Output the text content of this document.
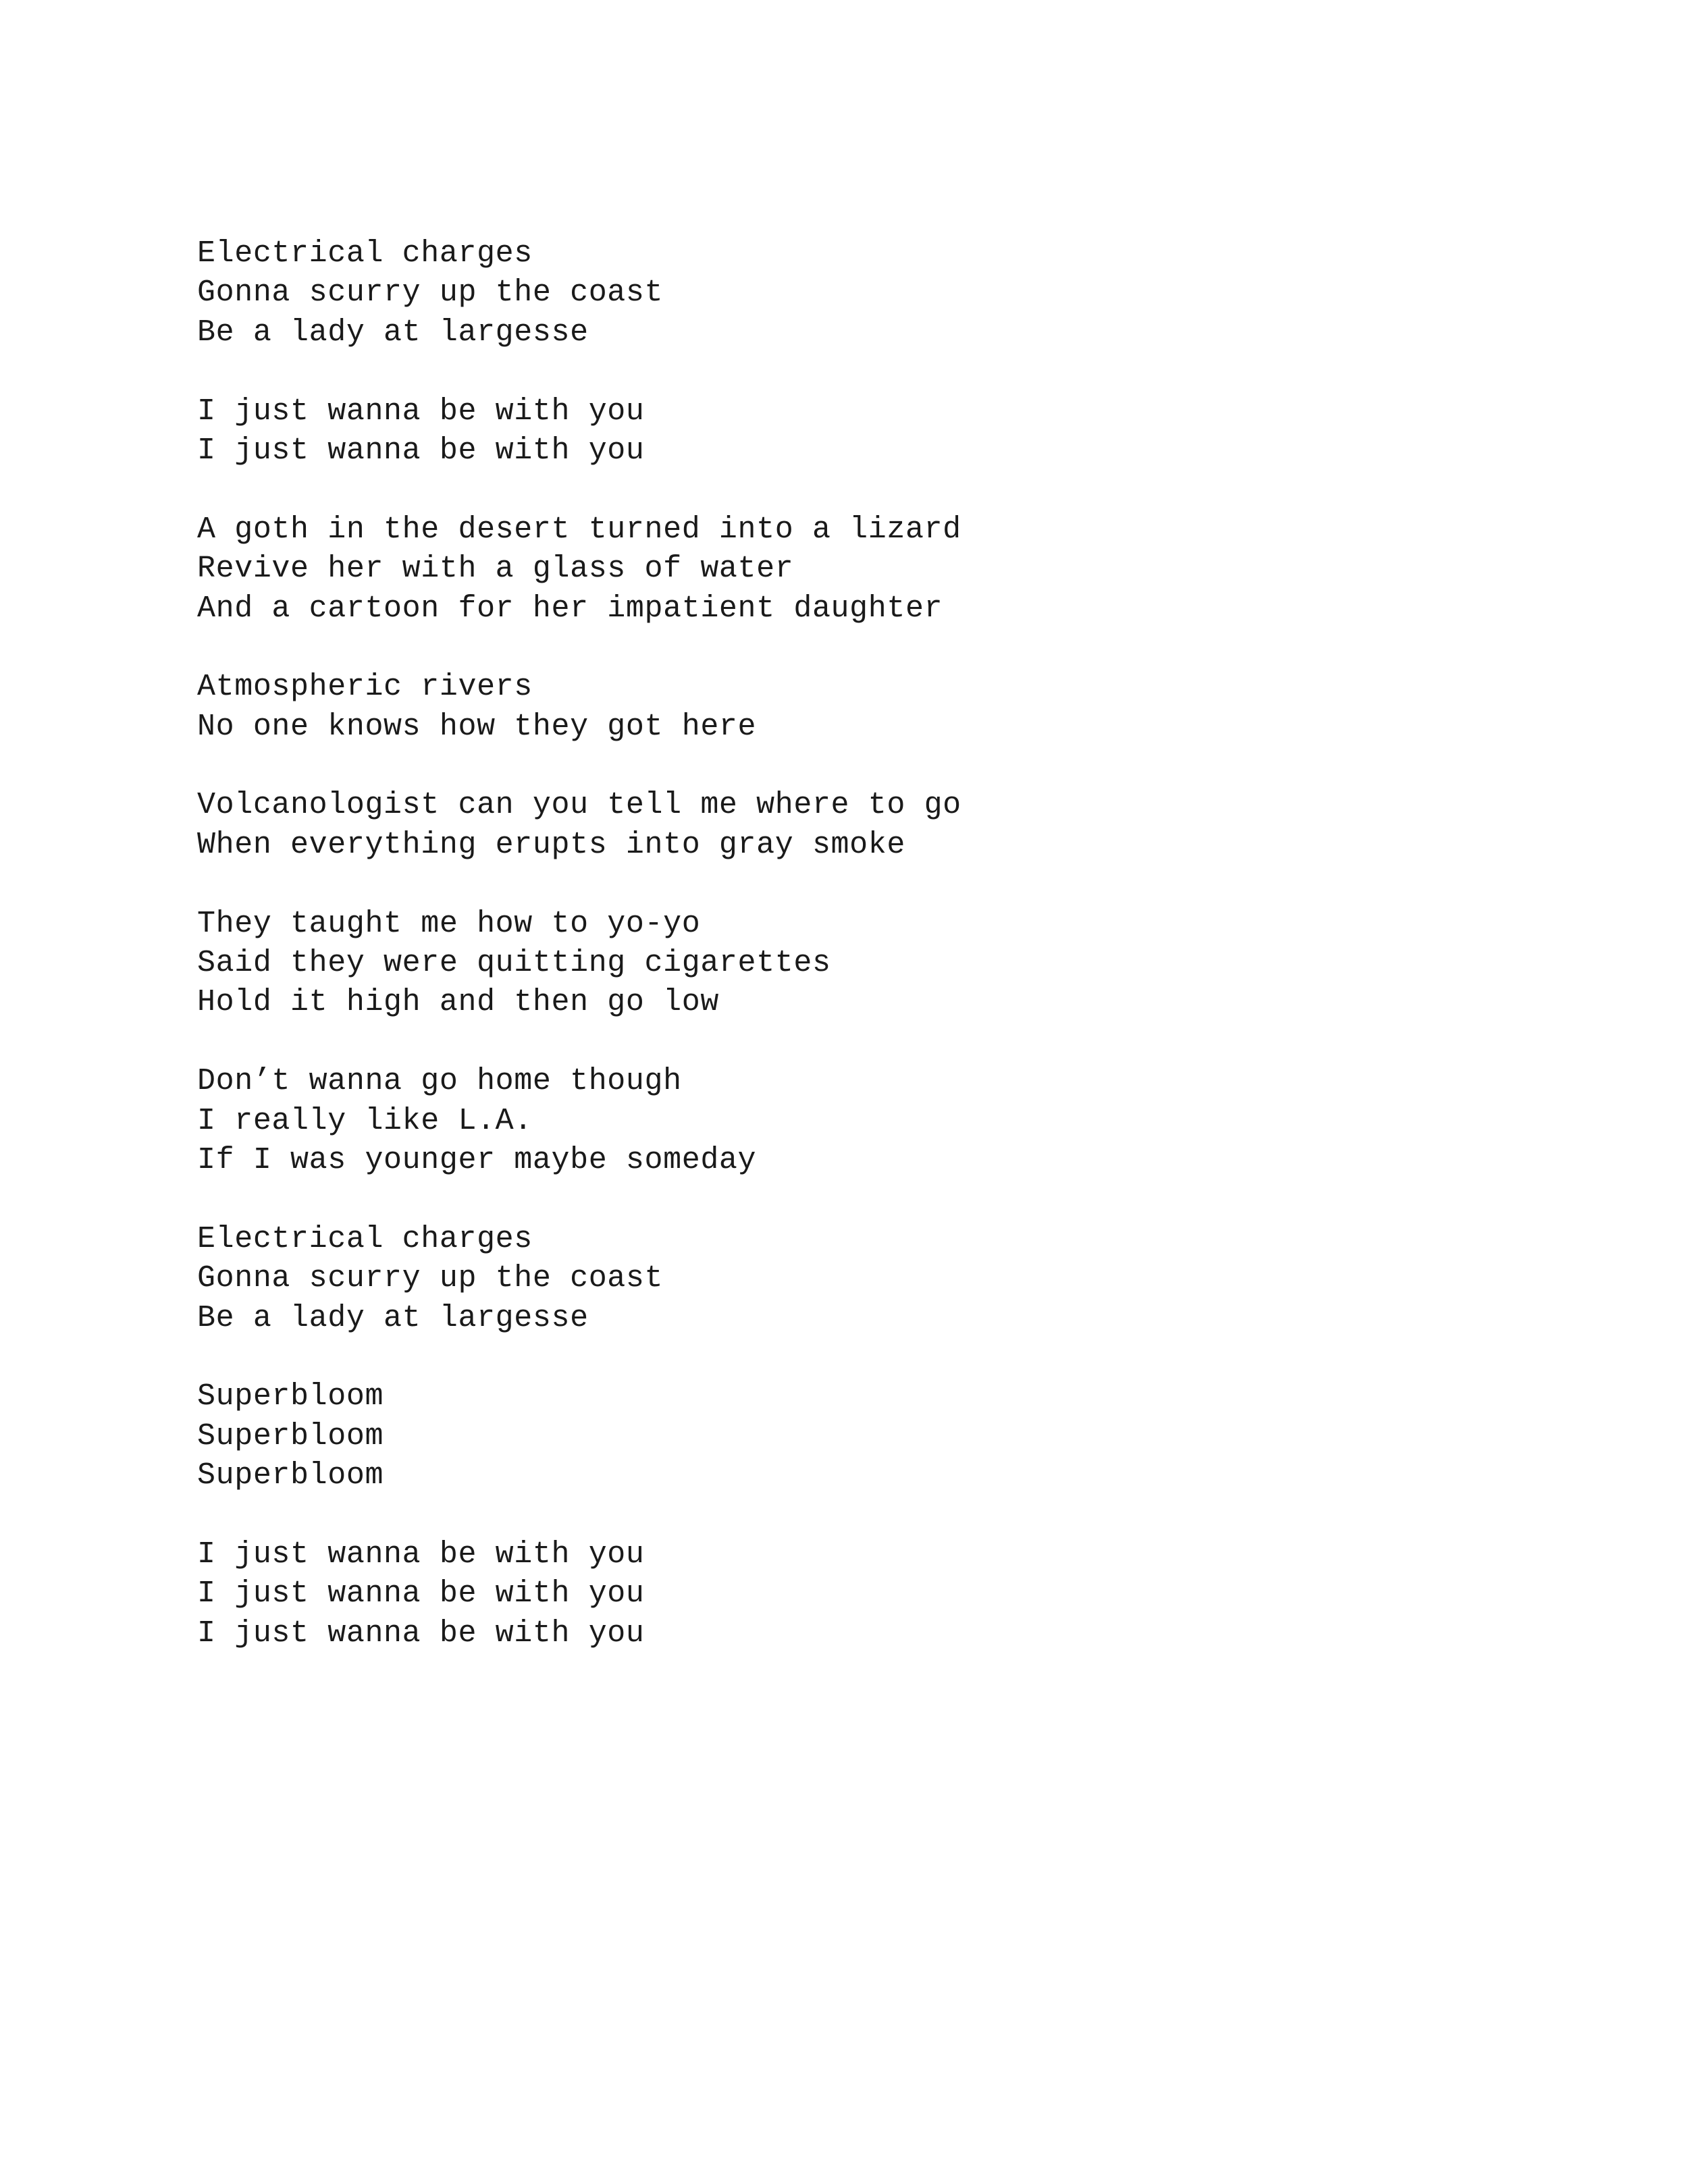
Electrical charges
Gonna scurry up the coast
Be a lady at largesse
I just wanna be with you
I just wanna be with you
A goth in the desert turned into a lizard
Revive her with a glass of water
And a cartoon for her impatient daughter
Atmospheric rivers
No one knows how they got here
Volcanologist can you tell me where to go
When everything erupts into gray smoke
They taught me how to yo-yo
Said they were quitting cigarettes
Hold it high and then go low
Don’t wanna go home though
I really like L.A.
If I was younger maybe someday
Electrical charges
Gonna scurry up the coast
Be a lady at largesse
Superbloom
Superbloom
Superbloom
I just wanna be with you
I just wanna be with you
I just wanna be with you
